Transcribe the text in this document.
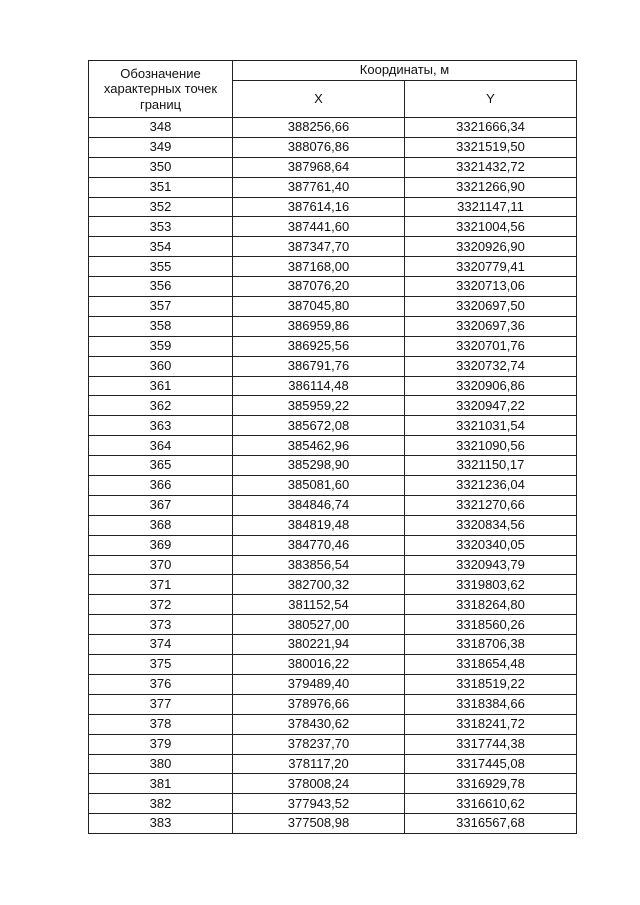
Обозначение характерных точек границ	Координаты, м	
	X	Y
348	388256,66	3321666,34
349	388076,86	3321519,50
350	387968,64	3321432,72
351	387761,40	3321266,90
352	387614,16	3321147,11
353	387441,60	3321004,56
354	387347,70	3320926,90
355	387168,00	3320779,41
356	387076,20	3320713,06
357	387045,80	3320697,50
358	386959,86	3320697,36
359	386925,56	3320701,76
360	386791,76	3320732,74
361	386114,48	3320906,86
362	385959,22	3320947,22
363	385672,08	3321031,54
364	385462,96	3321090,56
365	385298,90	3321150,17
366	385081,60	3321236,04
367	384846,74	3321270,66
368	384819,48	3320834,56
369	384770,46	3320340,05
370	383856,54	3320943,79
371	382700,32	3319803,62
372	381152,54	3318264,80
373	380527,00	3318560,26
374	380221,94	3318706,38
375	380016,22	3318654,48
376	379489,40	3318519,22
377	378976,66	3318384,66
378	378430,62	3318241,72
379	378237,70	3317744,38
380	378117,20	3317445,08
381	378008,24	3316929,78
382	377943,52	3316610,62
383	377508,98	3316567,68
